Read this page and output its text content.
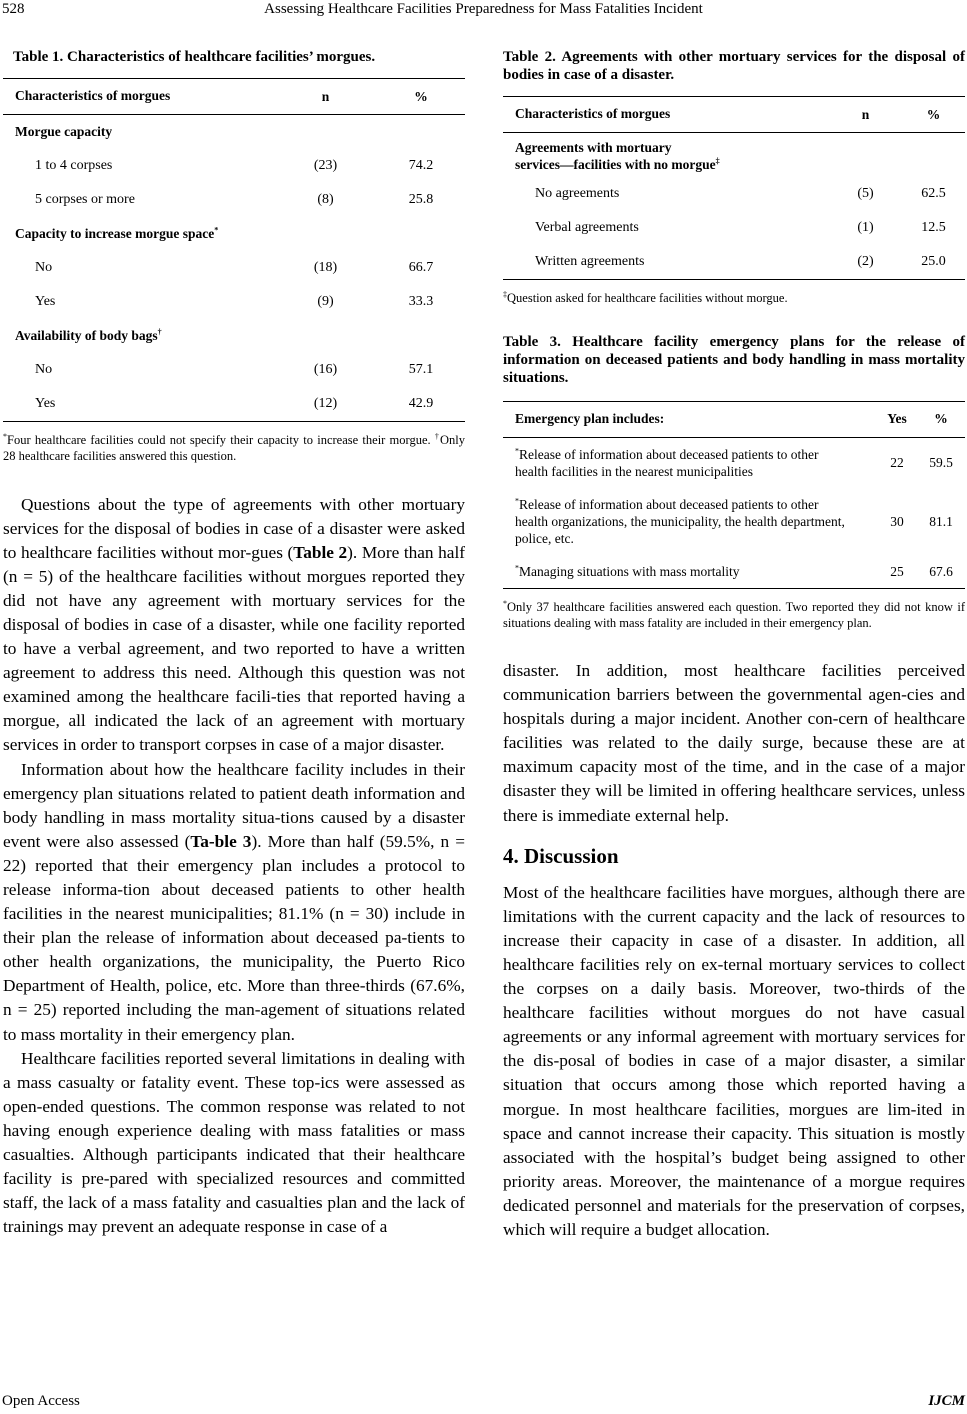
528	Assessing Healthcare Facilities Preparedness for Mass Fatalities Incident

Table 1. Characteristics of healthcare facilities’ morgues.

Characteristics of morgues	n	%
Morgue capacity		
1 to 4 corpses	(23)	74.2
5 corpses or more	(8)	25.8
Capacity to increase morgue space*
No	(18)	66.7
Yes	(9)	33.3
Availability of body bags†
No	(16)	57.1
Yes	(12)	42.9

*Four healthcare facilities could not specify their capacity to increase their morgue. †Only 28 healthcare facilities answered this question.

Questions about the type of agreements with other mortuary services for the disposal of bodies in case of a disaster were asked to healthcare facilities without mor-gues (Table 2). More than half (n = 5) of the healthcare facilities without morgues reported they did not have any agreement with mortuary services for the disposal of bodies in case of a disaster, while one facility reported to have a verbal agreement, and two reported to have a written agreement to address this need. Although this question was not examined among the healthcare facili-ties that reported having a morgue, all indicated the lack of an agreement with mortuary services in order to transport corpses in case of a major disaster.

Information about how the healthcare facility includes in their emergency plan situations related to patient death information and body handling in mass mortality situa-tions caused by a disaster event were also assessed (Ta-ble 3). More than half (59.5%, n = 22) reported that their emergency plan includes a protocol to release informa-tion about deceased patients to other health facilities in the nearest municipalities; 81.1% (n = 30) include in their plan the release of information about deceased pa-tients to other health organizations, the municipality, the Puerto Rico Department of Health, police, etc. More than three-thirds (67.6%, n = 25) reported including the man-agement of situations related to mass mortality in their emergency plan.

Healthcare facilities reported several limitations in dealing with a mass casualty or fatality event. These top-ics were assessed as open-ended questions. The common response was related to not having enough experience dealing with mass fatalities or mass casualties. Although participants indicated that their healthcare facility is pre-pared with specialized resources and committed staff, the lack of a mass fatality and casualties plan and the lack of trainings may prevent an adequate response in case of a

Table 2. Agreements with other mortuary services for the disposal of bodies in case of a disaster.

Characteristics of morgues	n	%
Agreements with mortuary
services—facilities with no morgue‡
No agreements	(5)	62.5
Verbal agreements	(1)	12.5
Written agreements	(2)	25.0

‡Question asked for healthcare facilities without morgue.

Table 3. Healthcare facility emergency plans for the release of information on deceased patients and body handling in mass mortality situations.

Emergency plan includes:	Yes	%
*Release of information about deceased patients to other health facilities in the nearest municipalities	22	59.5
*Release of information about deceased patients to other health organizations, the municipality, the health department, police, etc.	30	81.1
*Managing situations with mass mortality	25	67.6

*Only 37 healthcare facilities answered each question. Two reported they did not know if situations dealing with mass fatality are included in their emergency plan.

disaster. In addition, most healthcare facilities perceived communication barriers between the governmental agen-cies and hospitals during a major incident. Another con-cern of healthcare facilities was related to the daily surge, because these are at maximum capacity most of the time, and in the case of a major disaster they will be limited in offering healthcare services, unless there is immediate external help.

4. Discussion

Most of the healthcare facilities have morgues, although there are limitations with the current capacity and the lack of resources to increase their capacity in case of a disaster. In addition, all healthcare facilities rely on ex-ternal mortuary services to collect the corpses on a daily basis. Moreover, two-thirds of the healthcare facilities without morgues do not have casual agreements or any informal agreement with mortuary services for the dis-posal of bodies in case of a major disaster, a similar situation that occurs among those which reported having a morgue. In most healthcare facilities, morgues are lim-ited in space and cannot increase their capacity. This situation is mostly associated with the hospital’s budget being assigned to other priority areas. Moreover, the maintenance of a morgue requires dedicated personnel and materials for the preservation of corpses, which will require a budget allocation.

Open Access	IJCM
